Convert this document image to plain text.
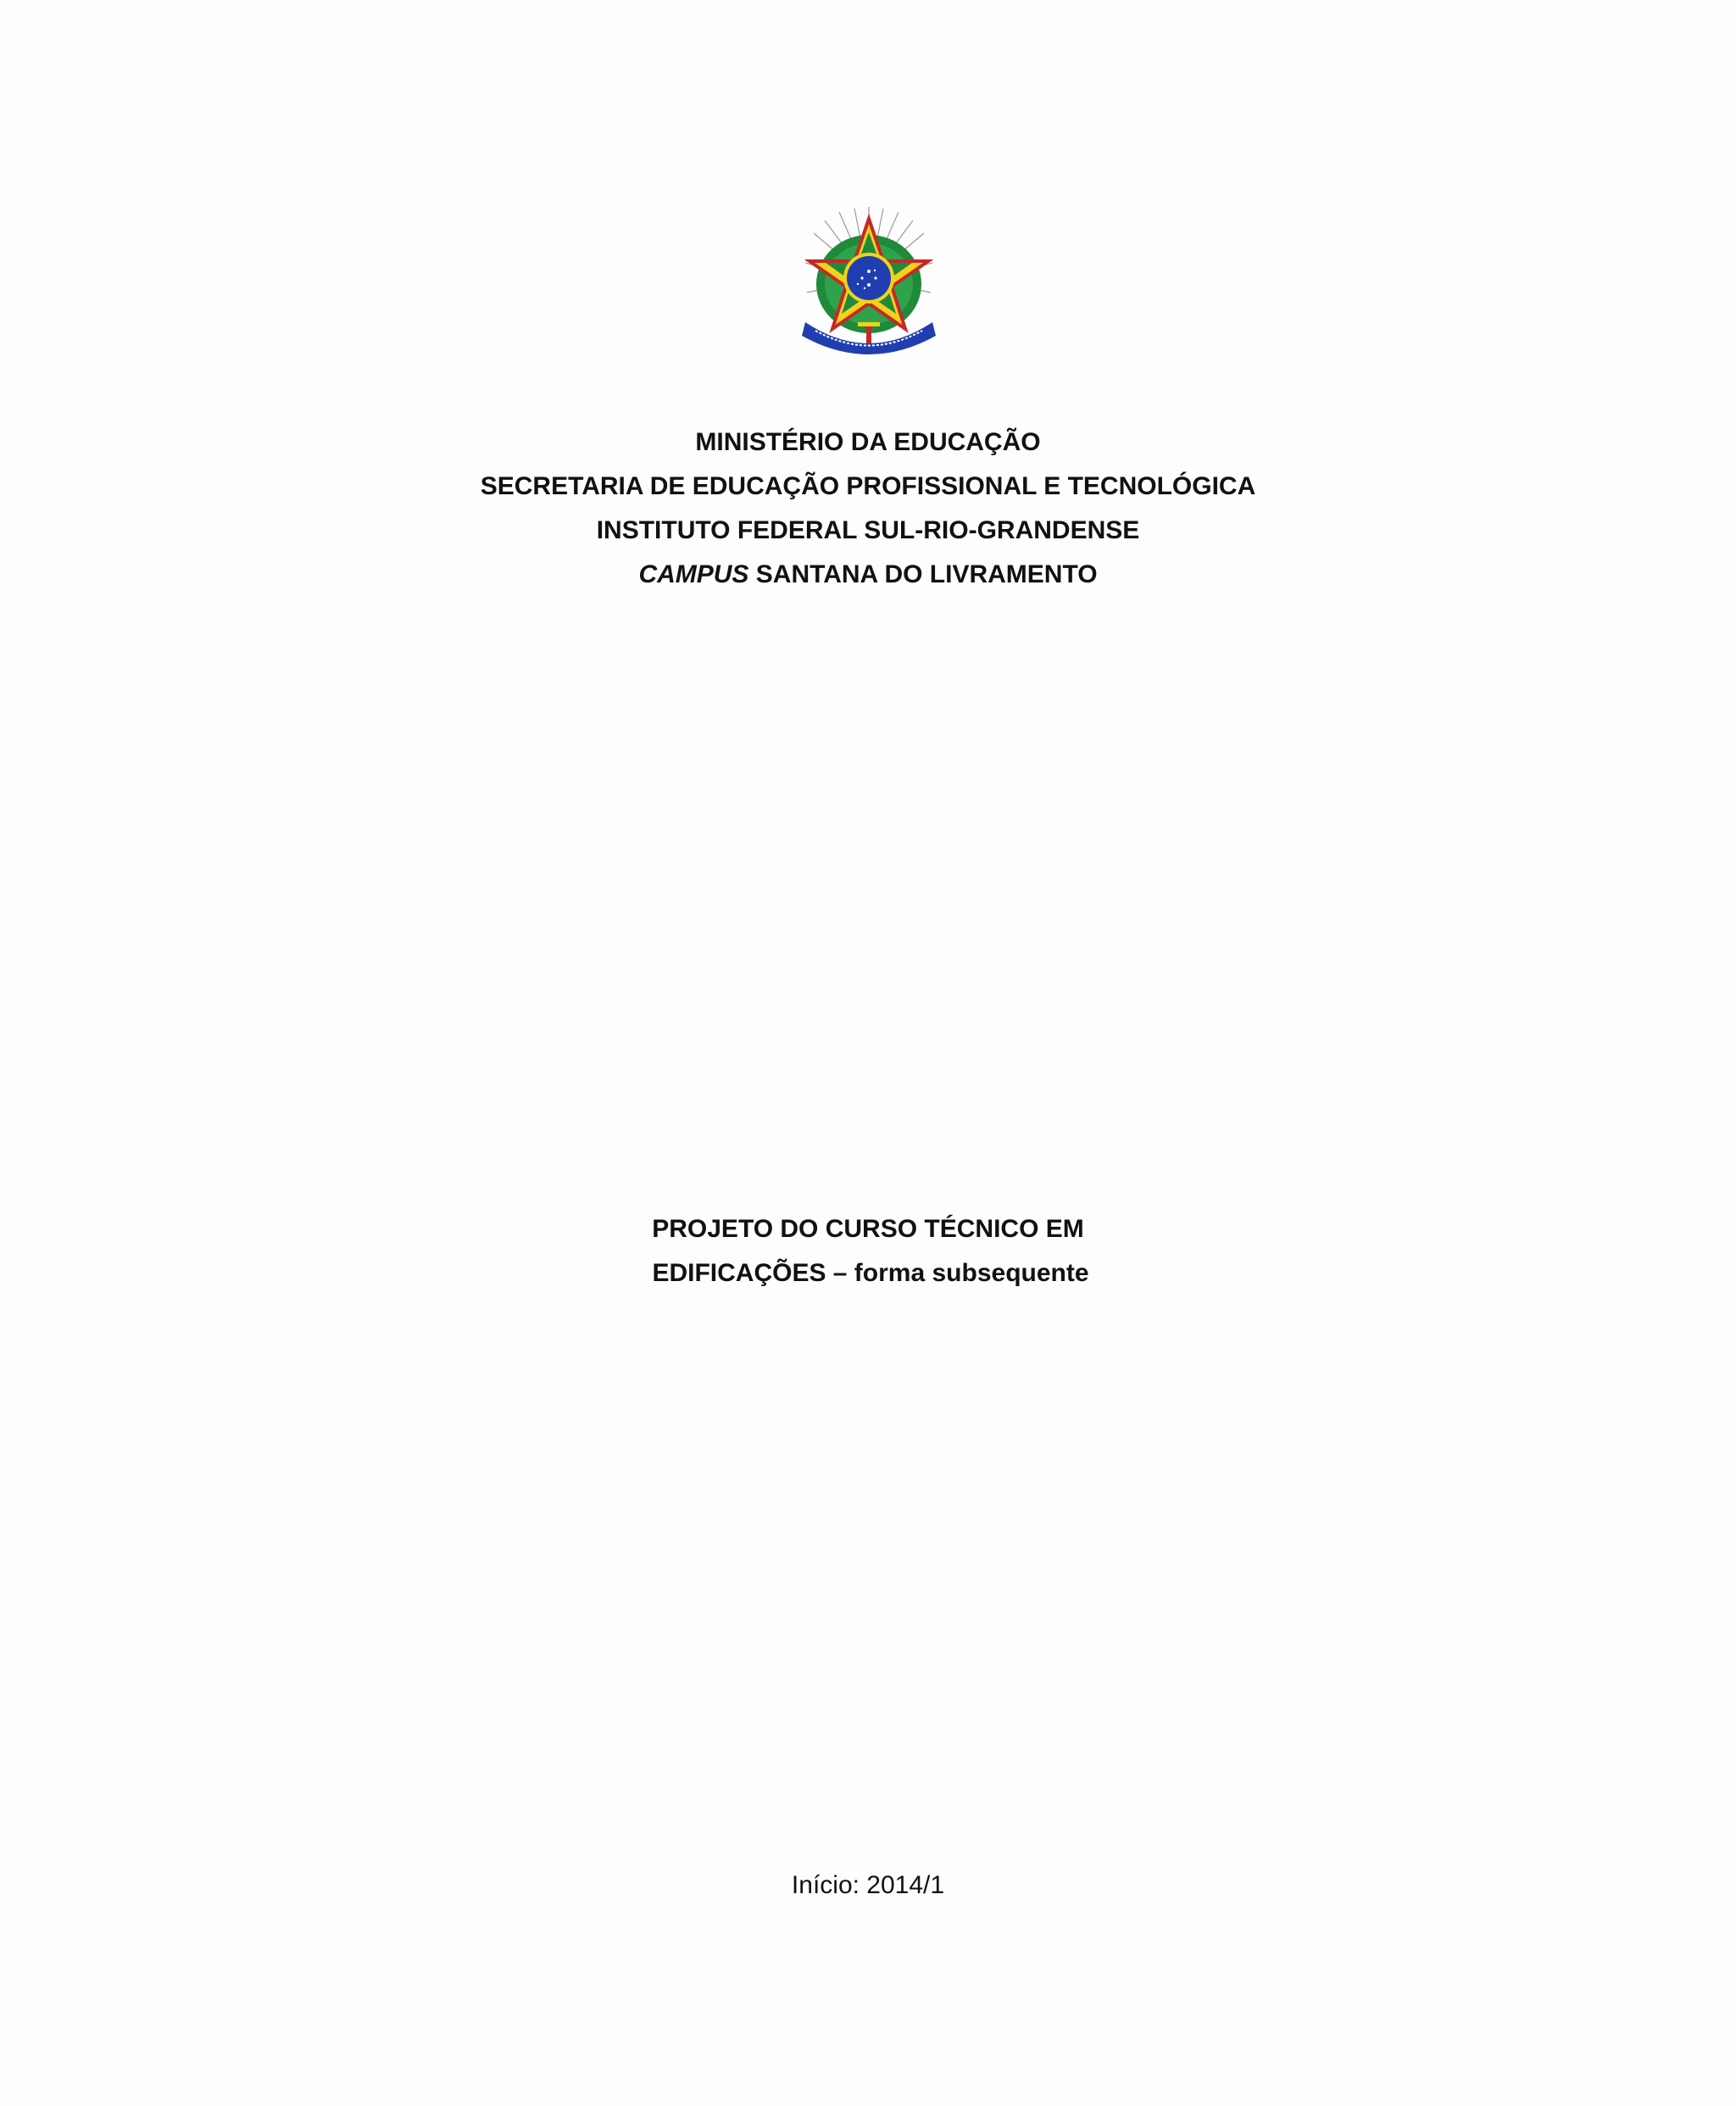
MINISTÉRIO DA EDUCAÇÃO
SECRETARIA DE EDUCAÇÃO PROFISSIONAL E TECNOLÓGICA
INSTITUTO FEDERAL SUL-RIO-GRANDENSE
CAMPUS SANTANA DO LIVRAMENTO
PROJETO DO CURSO TÉCNICO EM
EDIFICAÇÕES – forma subsequente
Início: 2014/1
